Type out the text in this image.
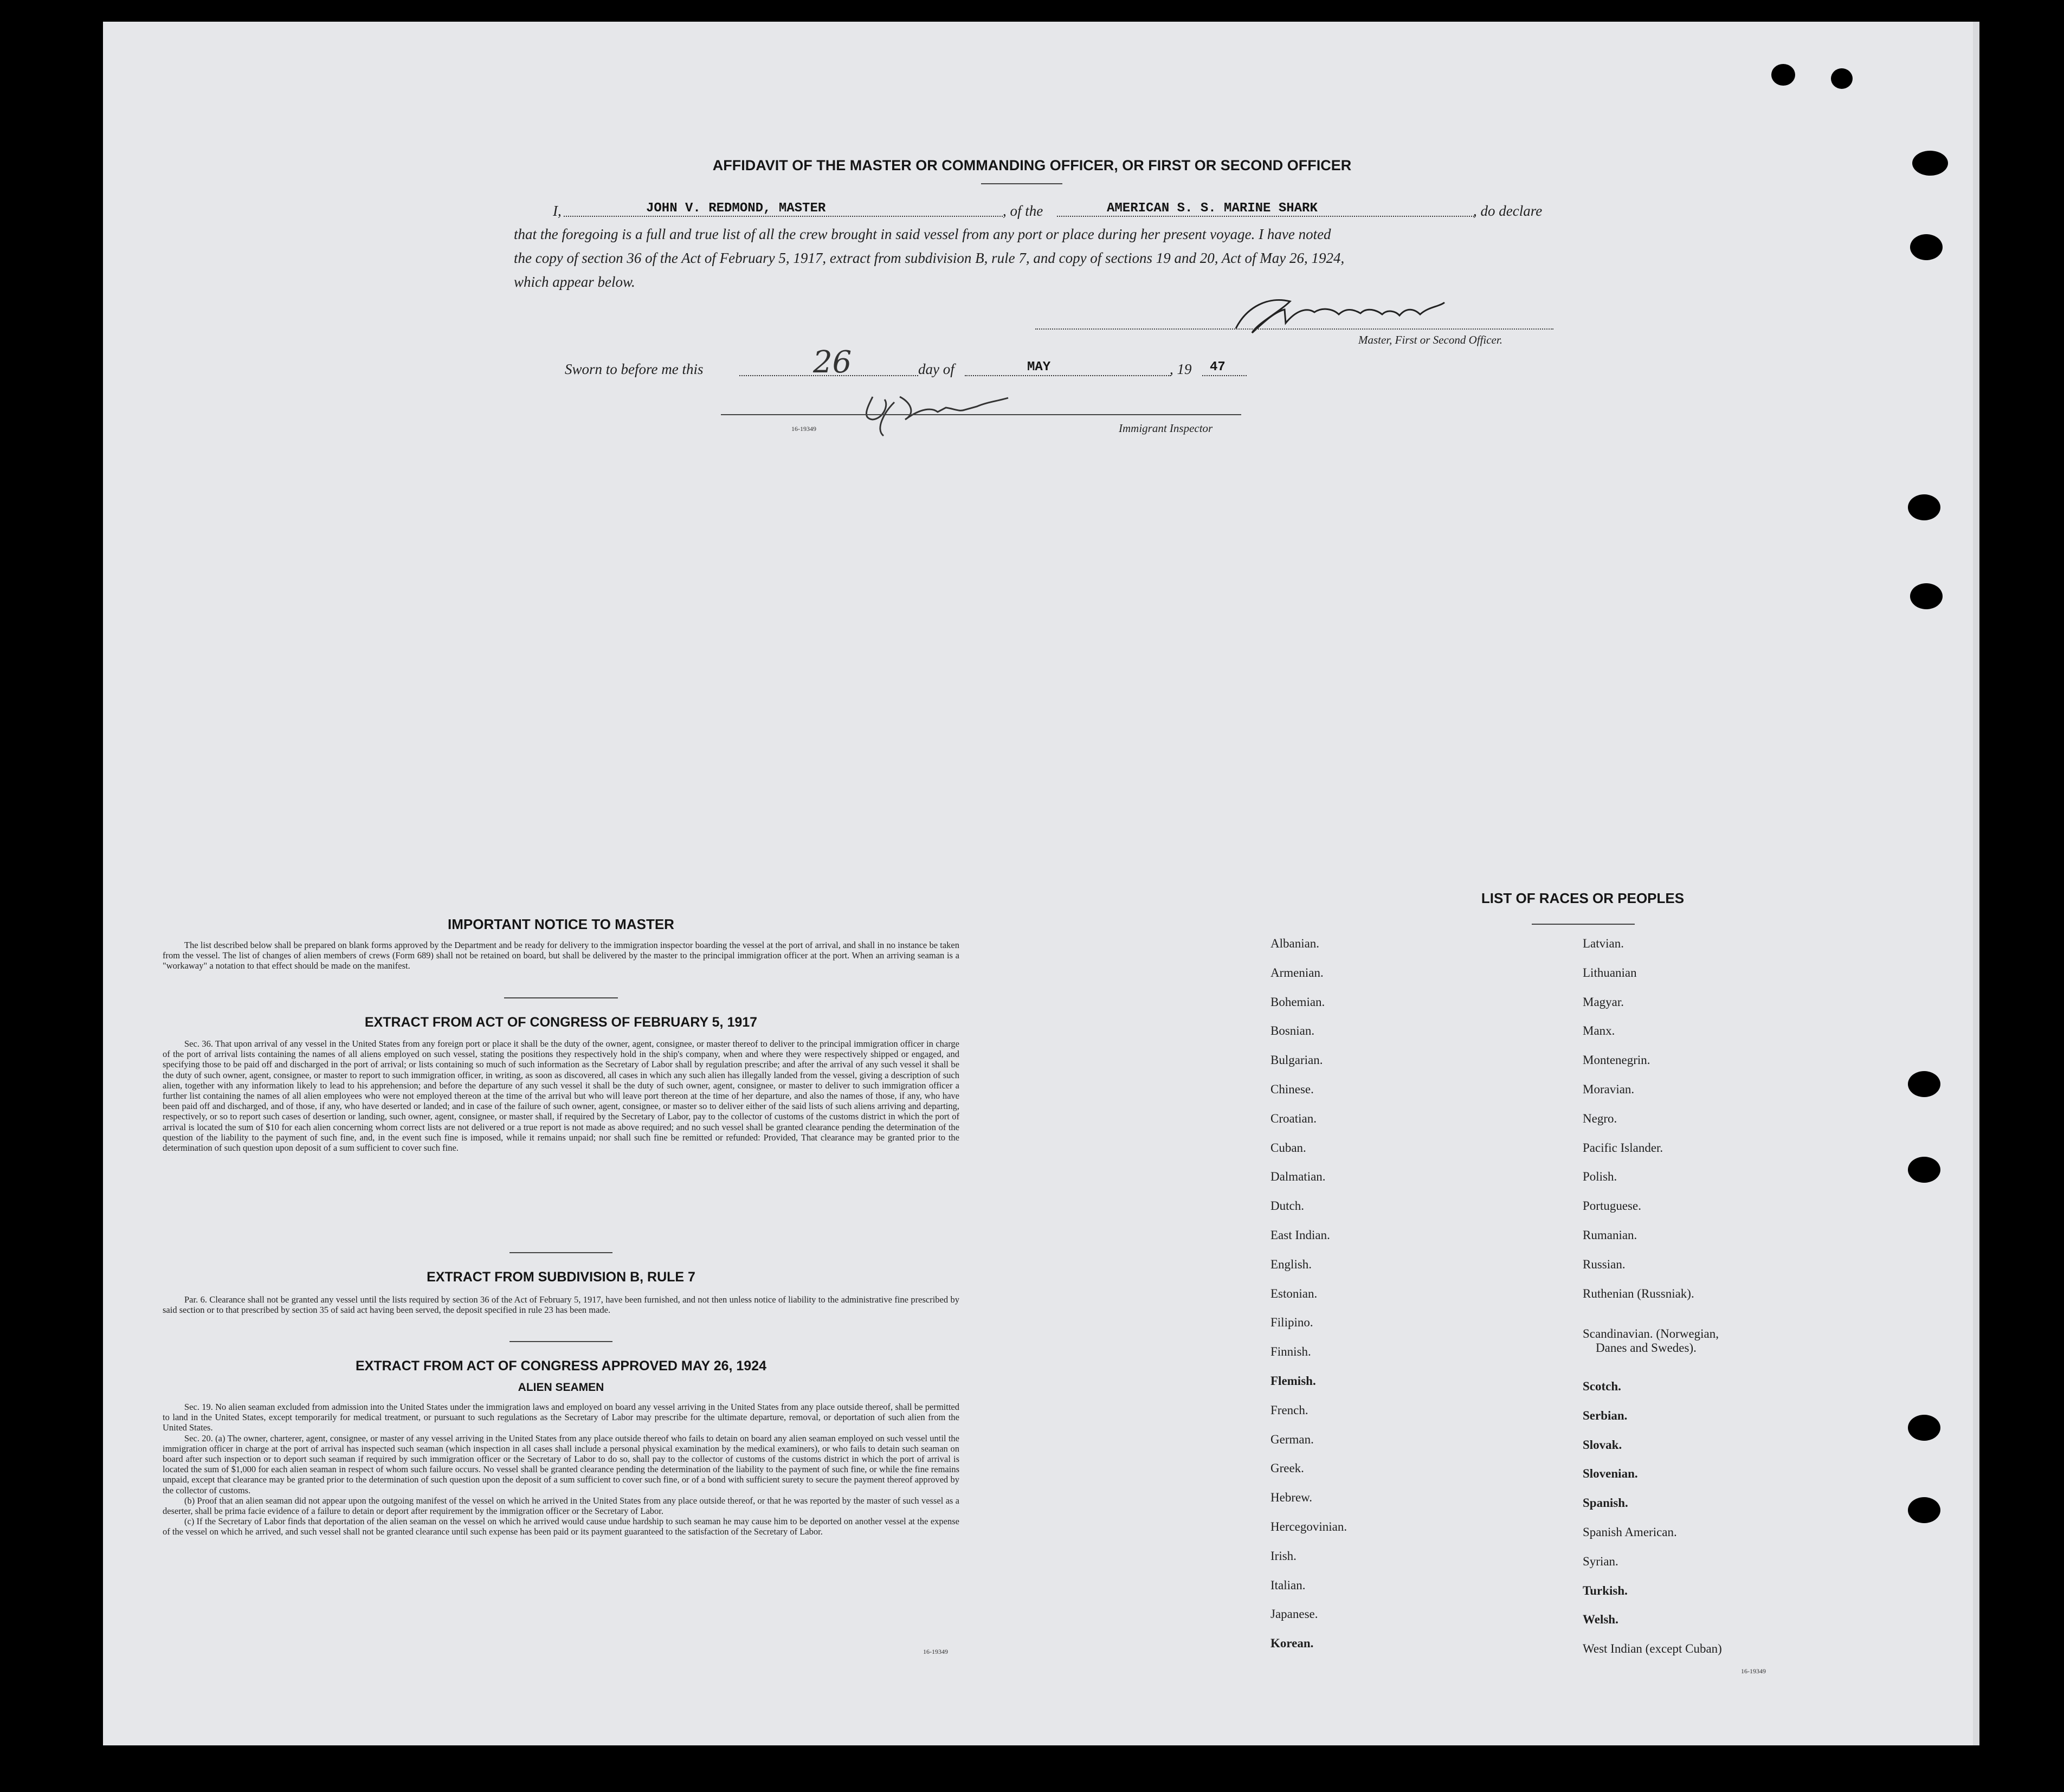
AFFIDAVIT OF THE MASTER OR COMMANDING OFFICER, OR FIRST OR SECOND OFFICER
I,	JOHN V. REDMOND, MASTER	, of the	AMERICAN S. S. MARINE SHARK	, do declare
that the foregoing is a full and true list of all the crew brought in said vessel from any port or place during her present voyage. I have noted
the copy of section 36 of the Act of February 5, 1917, extract from subdivision B, rule 7, and copy of sections 19 and 20, Act of May 26, 1924,
which appear below.
Master, First or Second Officer.
Sworn to before me this	26	day of	MAY	, 19 47
16-19349	Immigrant Inspector
IMPORTANT NOTICE TO MASTER

The list described below shall be prepared on blank forms approved by the Department and be ready for delivery to the immigration inspector boarding the vessel at the port of arrival, and shall in no instance be taken from the vessel. The list of changes of alien members of crews (Form 689) shall not be retained on board, but shall be delivered by the master to the principal immigration officer at the port. When an arriving seaman is a "workaway" a notation to that effect should be made on the manifest.

EXTRACT FROM ACT OF CONGRESS OF FEBRUARY 5, 1917

Sec. 36. That upon arrival of any vessel in the United States from any foreign port or place it shall be the duty of the owner, agent, consignee, or master thereof to deliver to the principal immigration officer in charge of the port of arrival lists containing the names of all aliens employed on such vessel, stating the positions they respectively hold in the ship's company, when and where they were respectively shipped or engaged, and specifying those to be paid off and discharged in the port of arrival; or lists containing so much of such information as the Secretary of Labor shall by regulation prescribe; and after the arrival of any such vessel it shall be the duty of such owner, agent, consignee, or master to report to such immigration officer, in writing, as soon as discovered, all cases in which any such alien has illegally landed from the vessel, giving a description of such alien, together with any information likely to lead to his apprehension; and before the departure of any such vessel it shall be the duty of such owner, agent, consignee, or master to deliver to such immigration officer a further list containing the names of all alien employees who were not employed thereon at the time of the arrival but who will leave port thereon at the time of her departure, and also the names of those, if any, who have been paid off and discharged, and of those, if any, who have deserted or landed; and in case of the failure of such owner, agent, consignee, or master so to deliver either of the said lists of such aliens arriving and departing, respectively, or so to report such cases of desertion or landing, such owner, agent, consignee, or master shall, if required by the Secretary of Labor, pay to the collector of customs of the customs district in which the port of arrival is located the sum of $10 for each alien concerning whom correct lists are not delivered or a true report is not made as above required; and no such vessel shall be granted clearance pending the determination of the question of the liability to the payment of such fine, and, in the event such fine is imposed, while it remains unpaid; nor shall such fine be remitted or refunded: Provided, That clearance may be granted prior to the determination of such question upon deposit of a sum sufficient to cover such fine.

EXTRACT FROM SUBDIVISION B, RULE 7

Par. 6. Clearance shall not be granted any vessel until the lists required by section 36 of the Act of February 5, 1917, have been furnished, and not then unless notice of liability to the administrative fine prescribed by said section or to that prescribed by section 35 of said act having been served, the deposit specified in rule 23 has been made.

EXTRACT FROM ACT OF CONGRESS APPROVED MAY 26, 1924
ALIEN SEAMEN

Sec. 19. No alien seaman excluded from admission into the United States under the immigration laws and employed on board any vessel arriving in the United States from any place outside thereof, shall be permitted to land in the United States, except temporarily for medical treatment, or pursuant to such regulations as the Secretary of Labor may prescribe for the ultimate departure, removal, or deportation of such alien from the United States.

Sec. 20. (a) The owner, charterer, agent, consignee, or master of any vessel arriving in the United States from any place outside thereof who fails to detain on board any alien seaman employed on such vessel until the immigration officer in charge at the port of arrival has inspected such seaman (which inspection in all cases shall include a personal physical examination by the medical examiners), or who fails to detain such seaman on board after such inspection or to deport such seaman if required by such immigration officer or the Secretary of Labor to do so, shall pay to the collector of customs of the customs district in which the port of arrival is located the sum of $1,000 for each alien seaman in respect of whom such failure occurs. No vessel shall be granted clearance pending the determination of the liability to the payment of such fine, or while the fine remains unpaid, except that clearance may be granted prior to the determination of such question upon the deposit of a sum sufficient to cover such fine, or of a bond with sufficient surety to secure the payment thereof approved by the collector of customs.

(b) Proof that an alien seaman did not appear upon the outgoing manifest of the vessel on which he arrived in the United States from any place outside thereof, or that he was reported by the master of such vessel as a deserter, shall be prima facie evidence of a failure to detain or deport after requirement by the immigration officer or the Secretary of Labor.

(c) If the Secretary of Labor finds that deportation of the alien seaman on the vessel on which he arrived would cause undue hardship to such seaman he may cause him to be deported on another vessel at the expense of the vessel on which he arrived, and such vessel shall not be granted clearance until such expense has been paid or its payment guaranteed to the satisfaction of the Secretary of Labor.

16-19349
LIST OF RACES OR PEOPLES
Albanian.
Armenian.
Bohemian.
Bosnian.
Bulgarian.
Chinese.
Croatian.
Cuban.
Dalmatian.
Dutch.
East Indian.
English.
Estonian.
Filipino.
Finnish.
Flemish.
French.
German.
Greek.
Hebrew.
Hercegovinian.
Irish.
Italian.
Japanese.
Korean.
Latvian.
Lithuanian
Magyar.
Manx.
Montenegrin.
Moravian.
Negro.
Pacific Islander.
Polish.
Portuguese.
Rumanian.
Russian.
Ruthenian (Russniak).
Scandinavian. (Norwegian,
Scotch.
Serbian.
Slovak.
Slovenian.
Spanish.
Spanish American.
Syrian.
Turkish.
Welsh.
West Indian (except Cuban)
Danes and Swedes).
16-19349
